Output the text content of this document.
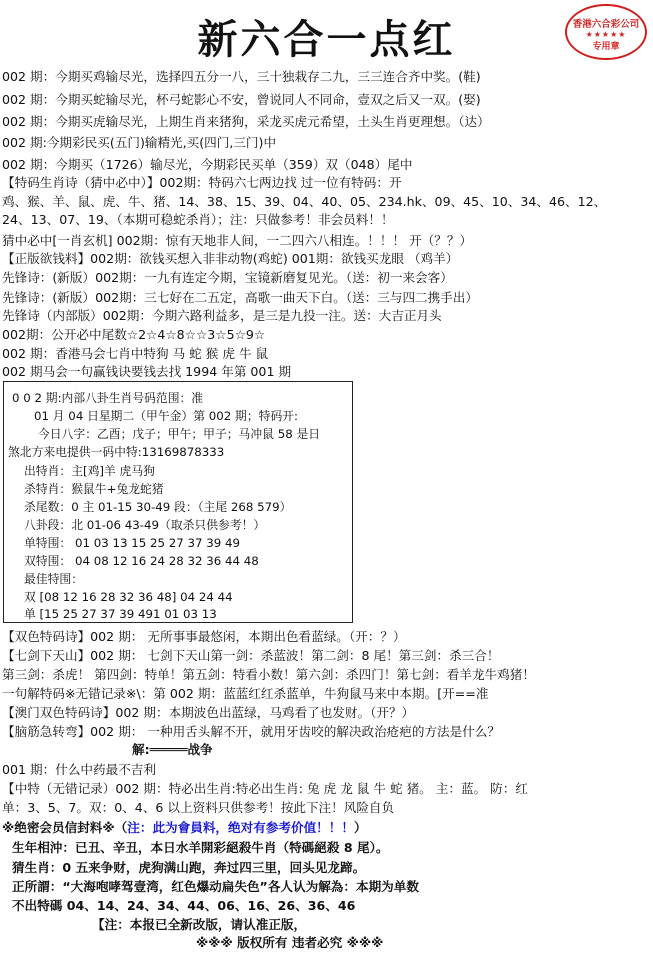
新六合一点红	香港六合彩公司
★★★★★
专用章
002 期：今期买鸡输尽光，选择四五分一八，三十独栽存二九，三三连合齐中奖。(鞋)
002 期：今期买蛇输尽光，杯弓蛇影心不安，曾说同人不同命，壹双之后又一双。(娶)
002 期：今期买虎输尽光，上期生肖来猪狗，采龙买虎元希望，土头生肖更理想。（达）
002 期:今期彩民买(五门)输精光,买(四门,三门)中
002 期：今期买（1726）输尽光，今期彩民买单（359）双（048）尾中
【特码生肖诗（猜中必中）】002期：特码六七两边找 过一位有特码：开
鸡、猴、羊、鼠、虎、牛、猪、14、38、15、39、04、40、05、234.hk、09、45、10、34、46、12、
24、13、07、19、（本期可稳蛇杀肖）；注：只做参考！非会员料！！
猜中必中[一肖玄机] 002期：惊有天地非人间，一二四六八相连。！！！ 开（？？）
【正版欲钱料】002期：欲钱买想入非非动物(鸡蛇) 001期：欲钱买龙眼 （鸡羊）
先锋诗：(新版）002期：一九有连定今期，宝镜新磨复见光。（送：初一来会客）
先锋诗：(新版）002期：三七好在二五定，高歌一曲天下白。（送：三与四二携手出）
先锋诗（内部版）002期：今期六路利益多，是三是九投一注。送：大吉正月头
002期：公开必中尾数☆2☆4☆8☆☆3☆5☆9☆
002 期：香港马会七肖中特狗 马 蛇 猴 虎 牛 鼠
002 期马会一句赢钱诀要钱去找 1994 年第 001 期
0 0 2 期:内部八卦生肖号码范围：准
01 月 04 日星期二（甲午金）第 002 期；特码开:
今日八字：乙酉；戊子；甲午；甲子；马冲鼠 58 是日
煞北方来电提供一码中特:13169878333
出特肖：主[鸡]羊 虎马狗
杀特肖：猴鼠牛+兔龙蛇猪
杀尾数：0 主 01-15 30-49 段：（主尾 268 579）
八卦段：北 01-06 43-49（取杀只供参考！）
单特围： 01 03 13 15 25 27 37 39 49
双特围： 04 08 12 16 24 28 32 36 44 48
最佳特围：
双 [08 12 16 28 32 36 48] 04 24 44
单 [15 25 27 37 39 491 01 03 13
【双色特码诗】002 期： 无所事事最悠闲，本期出色看蓝绿。（开：？）
【七剑下天山】002 期： 七剑下天山第一剑：杀蓝波！第二剑：8 尾！第三剑：杀三合！
第三剑：杀虎！ 第四剑：特单！第五剑：特看小数！第六剑：杀四门！第七剑：看羊龙牛鸡猪！
一句解特码※无错记录※\：第 002 期：蓝蓝红红杀蓝单，牛狗鼠马来中本期。[开==准
【澳门双色特码诗】002 期：本期波色出蓝绿，马鸡看了也发财。（开？）
【脑筋急转弯】002 期： 一种用舌头解不开，就用牙齿咬的解决政治疮疤的方法是什么？
解:═════战争
001 期：什么中药最不吉利
【中特（无错记录）002 期：特必出生肖:特必出生肖: 兔 虎 龙 鼠 牛 蛇 猪。 主：蓝。 防：红
单：3、5、7。双：0、4、6 以上资料只供参考！按此下注！风险自负
※绝密会员信封料※（注：此为會員料，绝对有参考价值！！！）
生年相沖：已丑、辛丑，本日水羊開彩絕殺牛肖（特碼絕殺 8 尾）。
猜生肖：0 五来争财，虎狗满山跑，奔过四三里，回头见龙蹄。
正所謂：“大海咆哮驾壹湾，红色爆动扁失色”各人认为解為：本期为单数
不出特碼 04、14、24、34、44、06、16、26、36、46
【注：本报已全新改版，请认准正版，
※※※ 版权所有 违者必究 ※※※
